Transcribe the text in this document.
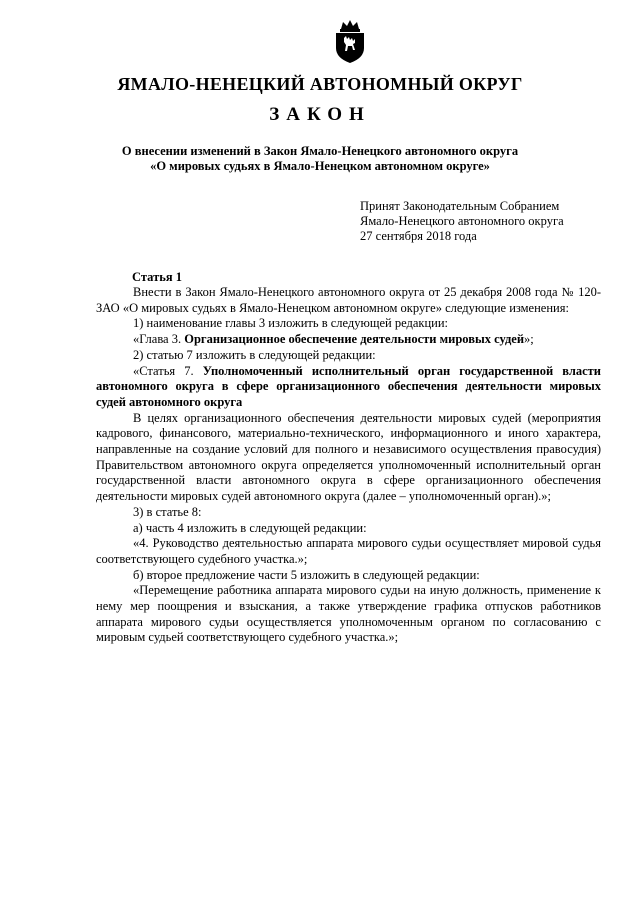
ЯМАЛО-НЕНЕЦКИЙ АВТОНОМНЫЙ ОКРУГ
ЗАКОН
О внесении изменений в Закон Ямало-Ненецкого автономного округа
«О мировых судьях в Ямало-Ненецком автономном округе»
Принят Законодательным Собранием
Ямало-Ненецкого автономного округа
27 сентября 2018 года
Статья 1

Внести в Закон Ямало-Ненецкого автономного округа от 25 декабря 2008 года № 120-ЗАО «О мировых судьях в Ямало-Ненецком автономном округе» следующие изменения:

1) наименование главы 3 изложить в следующей редакции:

«Глава 3. Организационное обеспечение деятельности мировых судей»;

2) статью 7 изложить в следующей редакции:

«Статья 7. Уполномоченный исполнительный орган государственной власти автономного округа в сфере организационного обеспечения деятельности мировых судей автономного округа

В целях организационного обеспечения деятельности мировых судей (мероприятия кадрового, финансового, материально-технического, информационного и иного характера, направленные на создание условий для полного и независимого осуществления правосудия) Правительством автономного округа определяется уполномоченный исполнительный орган государственной власти автономного округа в сфере организационного обеспечения деятельности мировых судей автономного округа (далее – уполномоченный орган).»;

3) в статье 8:

а) часть 4 изложить в следующей редакции:

«4. Руководство деятельностью аппарата мирового судьи осуществляет мировой судья соответствующего судебного участка.»;

б) второе предложение части 5 изложить в следующей редакции:

«Перемещение работника аппарата мирового судьи на иную должность, применение к нему мер поощрения и взыскания, а также утверждение графика отпусков работников аппарата мирового судьи осуществляется уполномоченным органом по согласованию с мировым судьей соответствующего судебного участка.»;
